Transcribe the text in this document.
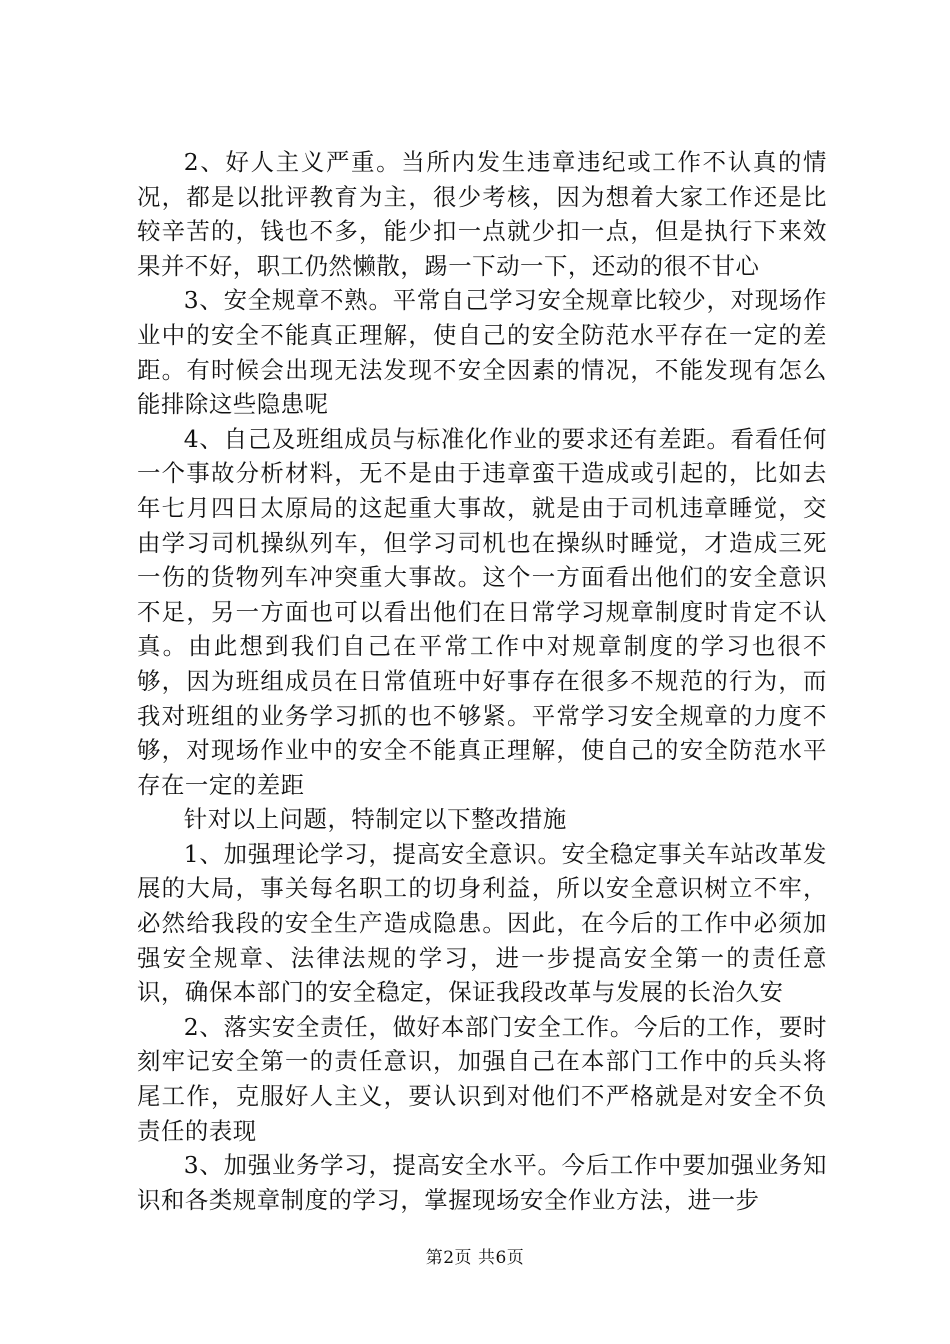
2、好人主义严重。当所内发生违章违纪或工作不认真的情况，都是以批评教育为主，很少考核，因为想着大家工作还是比较辛苦的，钱也不多，能少扣一点就少扣一点，但是执行下来效果并不好，职工仍然懒散，踢一下动一下，还动的很不甘心

3、安全规章不熟。平常自己学习安全规章比较少，对现场作业中的安全不能真正理解，使自己的安全防范水平存在一定的差距。有时候会出现无法发现不安全因素的情况，不能发现有怎么能排除这些隐患呢

4、自己及班组成员与标准化作业的要求还有差距。看看任何一个事故分析材料，无不是由于违章蛮干造成或引起的，比如去年七月四日太原局的这起重大事故，就是由于司机违章睡觉，交由学习司机操纵列车，但学习司机也在操纵时睡觉，才造成三死一伤的货物列车冲突重大事故。这个一方面看出他们的安全意识不足，另一方面也可以看出他们在日常学习规章制度时肯定不认真。由此想到我们自己在平常工作中对规章制度的学习也很不够，因为班组成员在日常值班中好事存在很多不规范的行为，而我对班组的业务学习抓的也不够紧。平常学习安全规章的力度不够，对现场作业中的安全不能真正理解，使自己的安全防范水平存在一定的差距

针对以上问题，特制定以下整改措施

1、加强理论学习，提高安全意识。安全稳定事关车站改革发展的大局，事关每名职工的切身利益，所以安全意识树立不牢，必然给我段的安全生产造成隐患。因此，在今后的工作中必须加强安全规章、法律法规的学习，进一步提高安全第一的责任意识，确保本部门的安全稳定，保证我段改革与发展的长治久安

2、落实安全责任，做好本部门安全工作。今后的工作，要时刻牢记安全第一的责任意识，加强自己在本部门工作中的兵头将尾工作，克服好人主义，要认识到对他们不严格就是对安全不负责任的表现

3、加强业务学习，提高安全水平。今后工作中要加强业务知识和各类规章制度的学习，掌握现场安全作业方法，进一步

第2页 共6页
